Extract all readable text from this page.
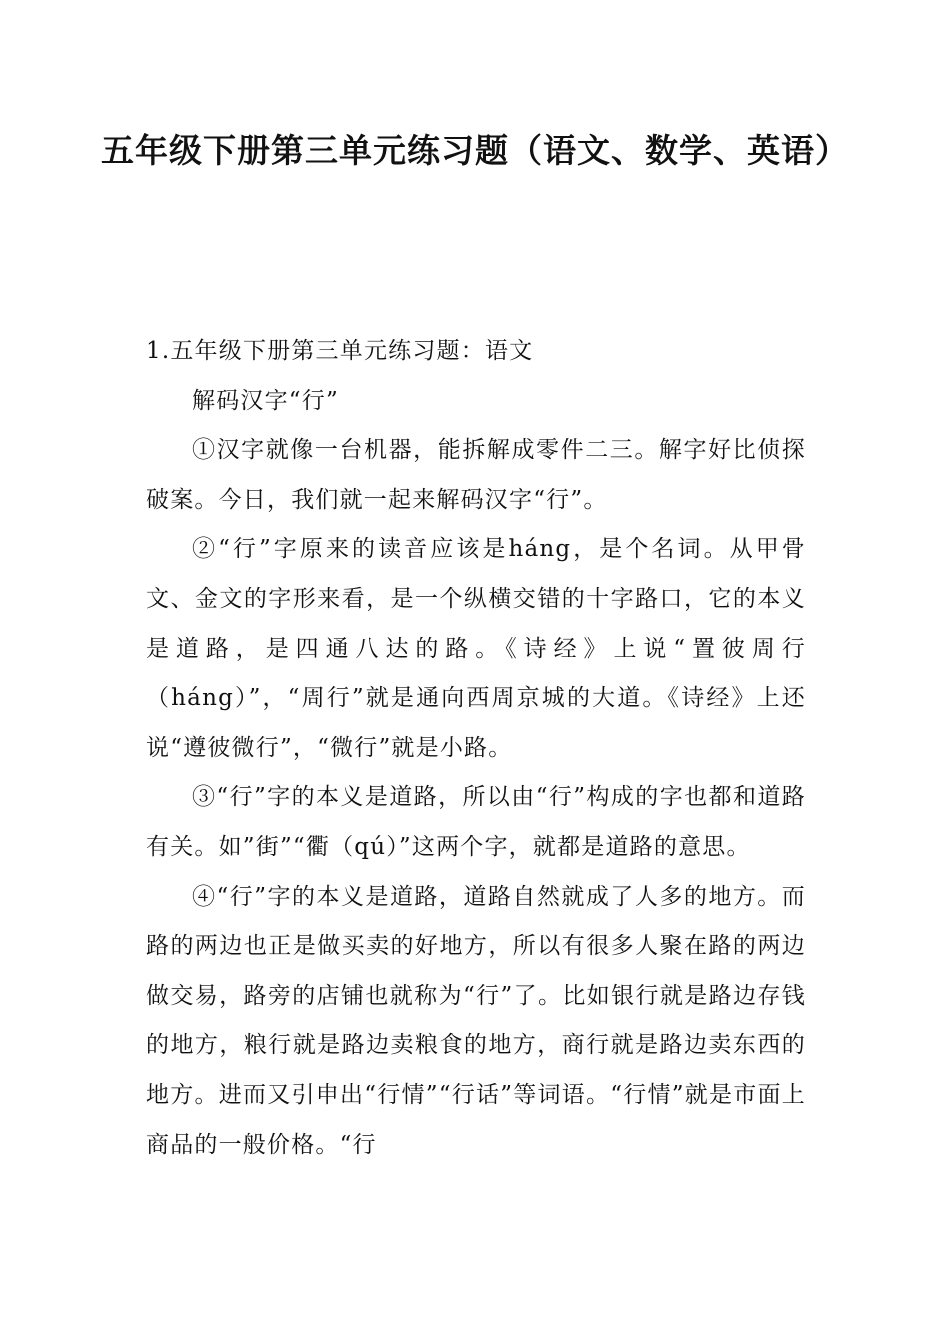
五年级下册第三单元练习题（语文、数学、英语）

1.五年级下册第三单元练习题：语文

解码汉字“行”

①汉字就像一台机器，能拆解成零件二三。解字好比侦探破案。今日，我们就一起来解码汉字“行”。

②“行”字原来的读音应该是háng，是个名词。从甲骨文、金文的字形来看，是一个纵横交错的十字路口，它的本义是道路，是四通八达的路。《诗经》上说“置彼周行（háng）”，“周行”就是通向西周京城的大道。《诗经》上还说“遵彼微行”，“微行”就是小路。

③“行”字的本义是道路，所以由“行”构成的字也都和道路有关。如”街”“衢（qú）”这两个字，就都是道路的意思。

④“行”字的本义是道路，道路自然就成了人多的地方。而路的两边也正是做买卖的好地方，所以有很多人聚在路的两边做交易，路旁的店铺也就称为“行”了。比如银行就是路边存钱的地方，粮行就是路边卖粮食的地方，商行就是路边卖东西的地方。进而又引申出“行情”“行话”等词语。“行情”就是市面上商品的一般价格。“行
